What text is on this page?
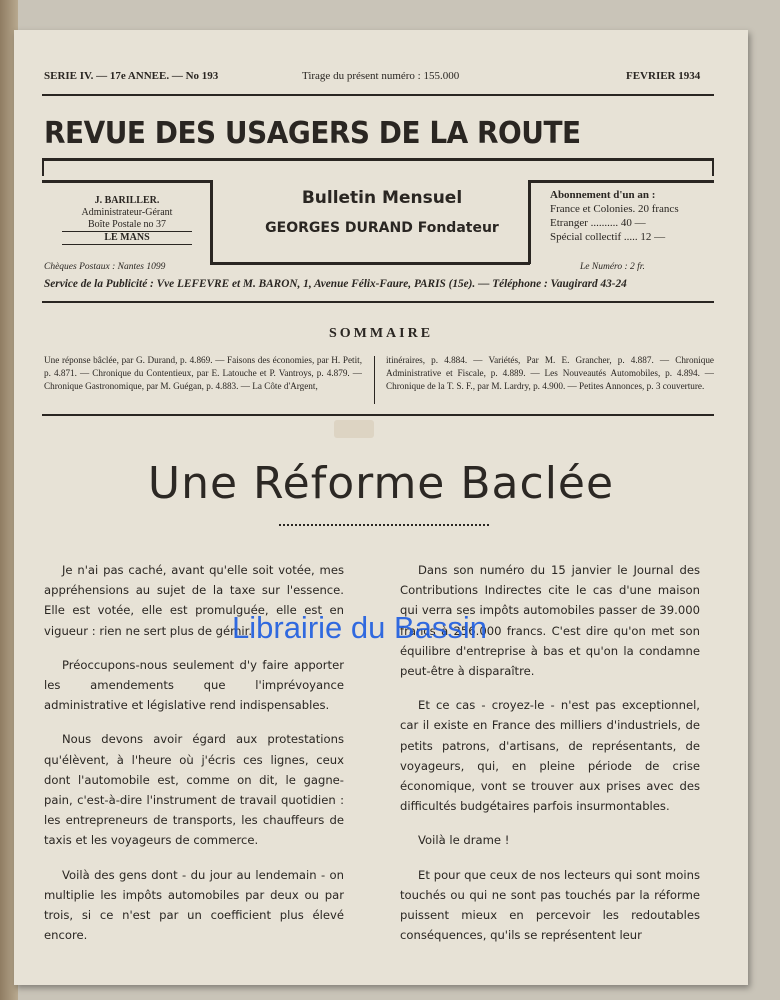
SERIE IV. — 17e ANNEE. — No 193	Tirage du présent numéro : 155.000	FEVRIER 1934
REVUE DES USAGERS DE LA ROUTE
J. BARILLER.
Administrateur-Gérant
Boîte Postale no 37
LE MANS
Bulletin Mensuel
GEORGES DURAND Fondateur
Abonnement d'un an :
France et Colonies. 20 francs
Etranger .......... 40 —
Spécial collectif ..... 12 —
Chèques Postaux : Nantes 1099	Le Numéro : 2 fr.
Service de la Publicité : Vve LEFEVRE et M. BARON, 1, Avenue Félix-Faure, PARIS (15e). — Téléphone : Vaugirard 43-24
SOMMAIRE
Une réponse bâclée, par G. Durand, p. 4.869. — Faisons des économies, par H. Petit, p. 4.871. — Chronique du Contentieux, par E. Latouche et P. Vantroys, p. 4.879. — Chronique Gastronomique, par M. Guégan, p. 4.883. — La Côte d'Argent,
itinéraires, p. 4.884. — Variétés, Par M. E. Grancher, p. 4.887. — Chronique Administrative et Fiscale, p. 4.889. — Les Nouveautés Automobiles, p. 4.894. — Chronique de la T. S. F., par M. Lardry, p. 4.900. — Petites Annonces, p. 3 couverture.
Une Réforme Baclée

Je n'ai pas caché, avant qu'elle soit votée, mes appréhensions au sujet de la taxe sur l'essence. Elle est votée, elle est promulguée, elle est en vigueur : rien ne sert plus de gémir.

Préoccupons-nous seulement d'y faire apporter les amendements que l'imprévoyance administrative et législative rend indispensables.

Nous devons avoir égard aux protestations qu'élèvent, à l'heure où j'écris ces lignes, ceux dont l'automobile est, comme on dit, le gagne-pain, c'est-à-dire l'instrument de travail quotidien : les entrepreneurs de transports, les chauffeurs de taxis et les voyageurs de commerce.

Voilà des gens dont - du jour au lendemain - on multiplie les impôts automobiles par deux ou par trois, si ce n'est par un coefficient plus élevé encore.

Dans son numéro du 15 janvier le Journal des Contributions Indirectes cite le cas d'une maison qui verra ses impôts automobiles passer de 39.000 francs à 256.000 francs. C'est dire qu'on met son équilibre d'entreprise à bas et qu'on la condamne peut-être à disparaître.

Et ce cas - croyez-le - n'est pas exceptionnel, car il existe en France des milliers d'industriels, de petits patrons, d'artisans, de représentants, de voyageurs, qui, en pleine période de crise économique, vont se trouver aux prises avec des difficultés budgétaires parfois insurmontables.

Voilà le drame !

Et pour que ceux de nos lecteurs qui sont moins touchés ou qui ne sont pas touchés par la réforme puissent mieux en percevoir les redoutables conséquences, qu'ils se représentent leur

Librairie du Bassin
